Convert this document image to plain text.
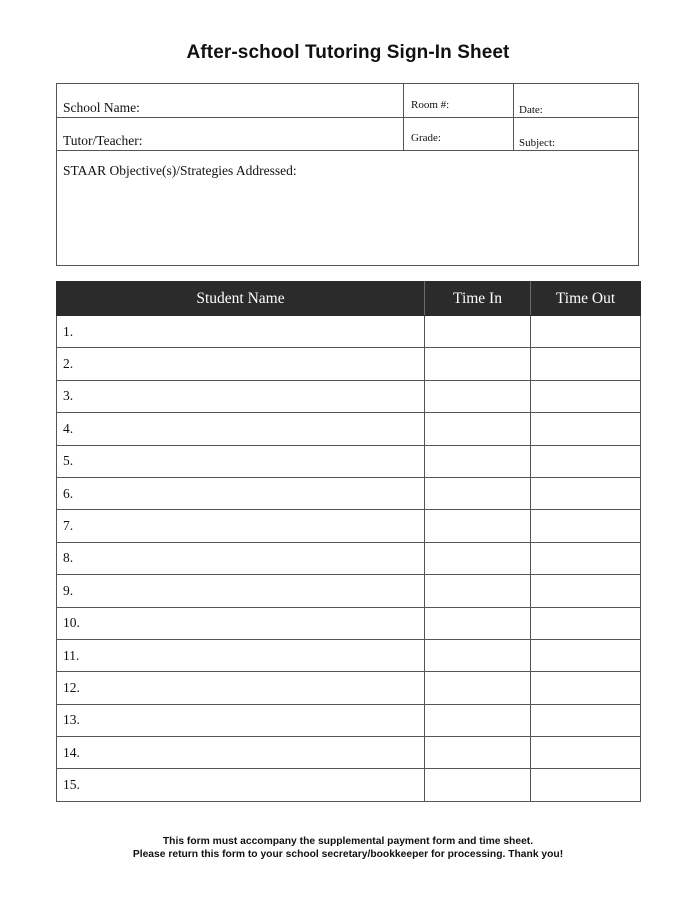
After-school Tutoring Sign-In Sheet
School Name:	Room #:	Date:
Tutor/Teacher:	Grade:	Subject:
STAAR Objective(s)/Strategies Addressed:
Student Name	Time In	Time Out
1.		
2.		
3.		
4.		
5.		
6.		
7.		
8.		
9.		
10.		
11.		
12.		
13.		
14.		
15.		
This form must accompany the supplemental payment form and time sheet.
Please return this form to your school secretary/bookkeeper for processing. Thank you!
